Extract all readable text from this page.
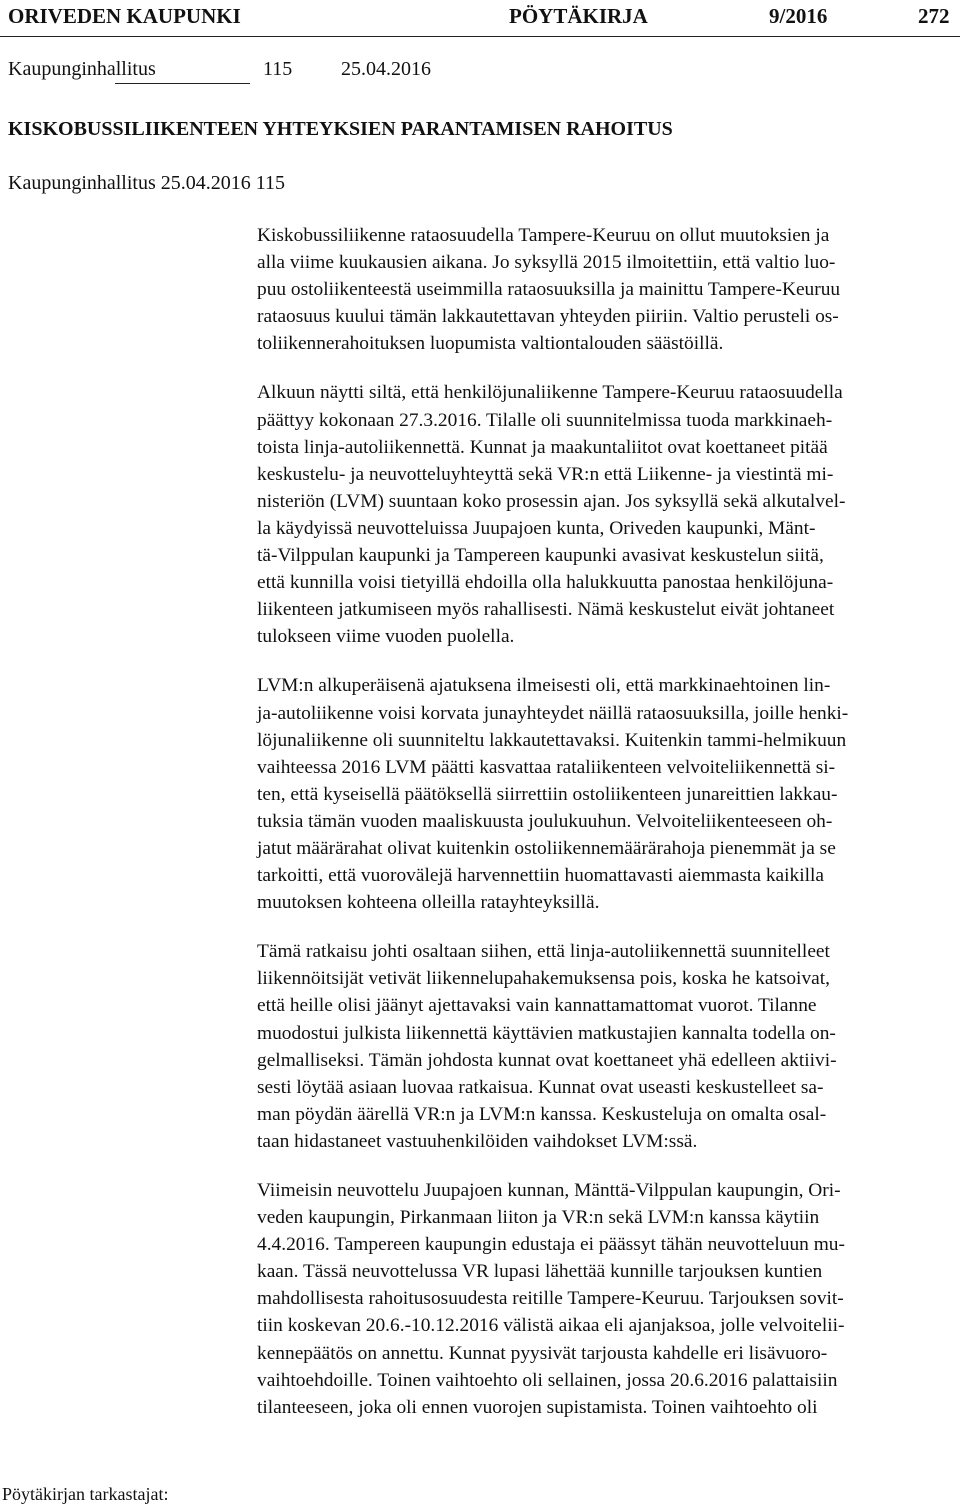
ORIVEDEN KAUPUNKI	PÖYTÄKIRJA	9/2016	272
Kaupunginhallitus	115 25.04.2016
KISKOBUSSILIIKENTEEN YHTEYKSIEN PARANTAMISEN RAHOITUS
Kaupunginhallitus 25.04.2016 115

Kiskobussiliikenne rataosuudella Tampere-Keuruu on ollut muutoksien ja
alla viime kuukausien aikana. Jo syksyllä 2015 ilmoitettiin, että valtio luo-
puu ostoliikenteestä useimmilla rataosuuksilla ja mainittu Tampere-Keuruu
rataosuus kuului tämän lakkautettavan yhteyden piiriin. Valtio perusteli os-
toliikennerahoituksen luopumista valtiontalouden säästöillä.

Alkuun näytti siltä, että henkilöjunaliikenne Tampere-Keuruu rataosuudella
päättyy kokonaan 27.3.2016. Tilalle oli suunnitelmissa tuoda markkinaeh-
toista linja-autoliikennettä. Kunnat ja maakuntaliitot ovat koettaneet pitää
keskustelu- ja neuvotteluyhteyttä sekä VR:n että Liikenne- ja viestintä mi-
nisteriön (LVM) suuntaan koko prosessin ajan. Jos syksyllä sekä alkutalvel-
la käydyissä neuvotteluissa Juupajoen kunta, Oriveden kaupunki, Mänt-
tä-Vilppulan kaupunki ja Tampereen kaupunki avasivat keskustelun siitä,
että kunnilla voisi tietyillä ehdoilla olla halukkuutta panostaa henkilöjuna-
liikenteen jatkumiseen myös rahallisesti. Nämä keskustelut eivät johtaneet
tulokseen viime vuoden puolella.

LVM:n alkuperäisenä ajatuksena ilmeisesti oli, että markkinaehtoinen lin-
ja-autoliikenne voisi korvata junayhteydet näillä rataosuuksilla, joille henki-
löjunaliikenne oli suunniteltu lakkautettavaksi. Kuitenkin tammi-helmikuun
vaihteessa 2016 LVM päätti kasvattaa rataliikenteen velvoiteliikennettä si-
ten, että kyseisellä päätöksellä siirrettiin ostoliikenteen junareittien lakkau-
tuksia tämän vuoden maaliskuusta joulukuuhun. Velvoiteliikenteeseen oh-
jatut määrärahat olivat kuitenkin ostoliikennemäärärahoja pienemmät ja se
tarkoitti, että vuorovälejä harvennettiin huomattavasti aiemmasta kaikilla
muutoksen kohteena olleilla ratayhteyksillä.

Tämä ratkaisu johti osaltaan siihen, että linja-autoliikennettä suunnitelleet
liikennöitsijät vetivät liikennelupahakemuksensa pois, koska he katsoivat,
että heille olisi jäänyt ajettavaksi vain kannattamattomat vuorot. Tilanne
muodostui julkista liikennettä käyttävien matkustajien kannalta todella on-
gelmalliseksi. Tämän johdosta kunnat ovat koettaneet yhä edelleen aktiivi-
sesti löytää asiaan luovaa ratkaisua. Kunnat ovat useasti keskustelleet sa-
man pöydän äärellä VR:n ja LVM:n kanssa. Keskusteluja on omalta osal-
taan hidastaneet vastuuhenkilöiden vaihdokset LVM:ssä.

Viimeisin neuvottelu Juupajoen kunnan, Mänttä-Vilppulan kaupungin, Ori-
veden kaupungin, Pirkanmaan liiton ja VR:n sekä LVM:n kanssa käytiin
4.4.2016. Tampereen kaupungin edustaja ei päässyt tähän neuvotteluun mu-
kaan. Tässä neuvottelussa VR lupasi lähettää kunnille tarjouksen kuntien
mahdollisesta rahoitusosuudesta reitille Tampere-Keuruu. Tarjouksen sovit-
tiin koskevan 20.6.-10.12.2016 välistä aikaa eli ajanjaksoa, jolle velvoitelii-
kennepäätös on annettu. Kunnat pyysivät tarjousta kahdelle eri lisävuoro-
vaihtoehdoille. Toinen vaihtoehto oli sellainen, jossa 20.6.2016 palattaisiin
tilanteeseen, joka oli ennen vuorojen supistamista. Toinen vaihtoehto oli

Pöytäkirjan tarkastajat:
